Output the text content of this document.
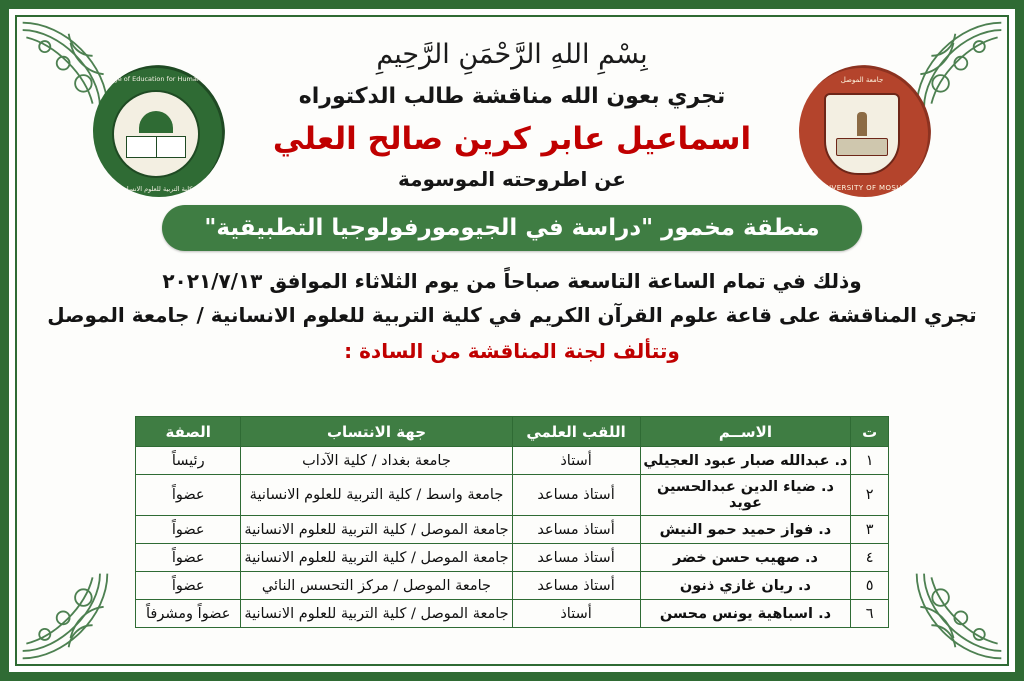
جامعة الموصل
UNIVERSITY OF MOSUL
College of Education for Humanities
كلية التربية للعلوم الانسانية
بِسْمِ اللهِ الرَّحْمَنِ الرَّحِيمِ
تجري بعون الله مناقشة طالب الدكتوراه
اسماعيل عابر كرين صالح العلي
عن اطروحته الموسومة
منطقة مخمور "دراسة في الجيومورفولوجيا التطبيقية"
وذلك في تمام الساعة التاسعة صباحاً من يوم الثلاثاء الموافق ٢٠٢١/٧/١٣
تجري المناقشة على قاعة علوم القرآن الكريم في كلية التربية للعلوم الانسانية / جامعة الموصل
وتتألف لجنة المناقشة من السادة :
ت	الاســم	اللقب العلمي	جهة الانتساب	الصفة
١	د. عبدالله صبار عبود العجيلي	أستاذ	جامعة بغداد / كلية الآداب	رئيساً
٢	د. ضياء الدين عبدالحسين عويد	أستاذ مساعد	جامعة واسط / كلية التربية للعلوم الانسانية	عضواً
٣	د. فواز حميد حمو النيش	أستاذ مساعد	جامعة الموصل / كلية التربية للعلوم الانسانية	عضواً
٤	د. صهيب حسن خضر	أستاذ مساعد	جامعة الموصل / كلية التربية للعلوم الانسانية	عضواً
٥	د. ريان غازي ذنون	أستاذ مساعد	جامعة الموصل / مركز التحسس النائي	عضواً
٦	د. اسباهية يونس محسن	أستاذ	جامعة الموصل / كلية التربية للعلوم الانسانية	عضواً ومشرفاً
